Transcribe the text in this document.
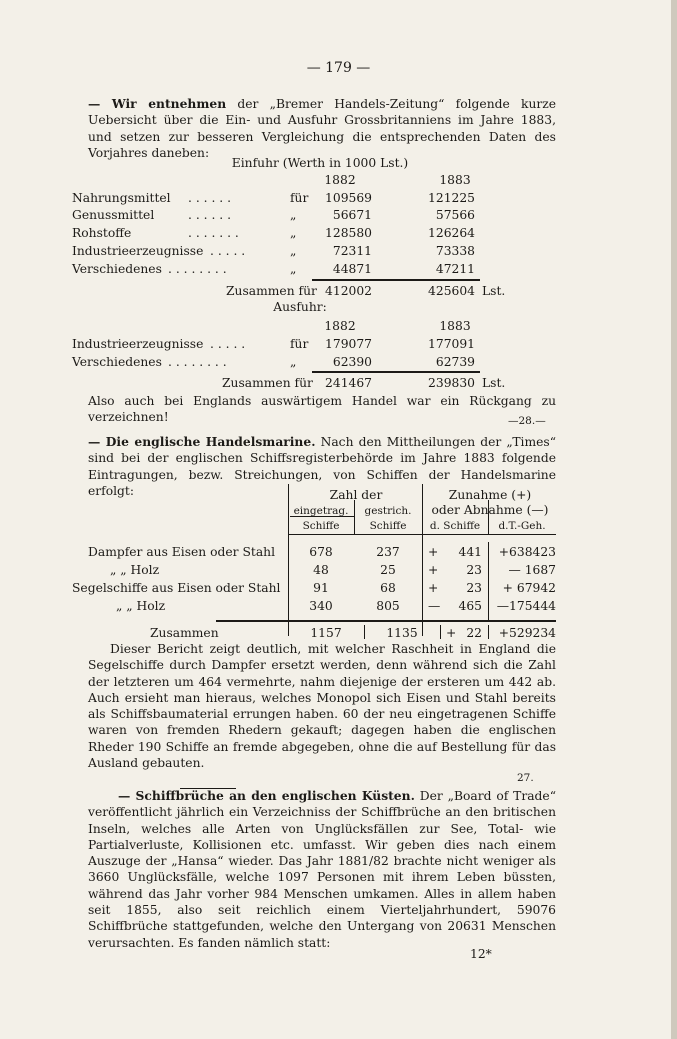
— 179 —
— Wir entnehmen der „Bremer Handels-Zeitung“ folgende kurze Uebersicht über die Ein- und Ausfuhr Grossbritanniens im Jahre 1883, und setzen zur besseren Vergleichung die entsprechenden Daten des Vorjahres daneben:
Einfuhr (Werth in 1000 Lst.)
1882	1883
Nahrungsmittel . . . . . .	für	109569	121225
Genussmittel	. . . . . .	„	56671	57566
Rohstoffe	. . . . . . .	„	128580	126264
Industrieerzeugnisse . . . . .	„	72311	73338
Verschiedenes . . . . . . . .	„	44871	47211
Zusammen für 412002	425604 Lst.
Ausfuhr:
1882	1883
Industrieerzeugnisse . . . . .	für	179077	177091
Verschiedenes . . . . . . . .	„	62390	62739
Zusammen für 241467	239830 Lst.
Also auch bei Englands auswärtigem Handel war ein Rückgang zu verzeichnen!	—28.—
— Die englische Handelsmarine. Nach den Mittheilungen der „Times“ sind bei der englischen Schiffsregisterbehörde im Jahre 1883 folgende Eintragungen, bezw. Streichungen, von Schiffen der Handelsmarine erfolgt:	Zahl der	Zunahme (+)
oder Abnahme (—)
eingetrag.	gestrich.
Schiffe	Schiffe	d. Schiffe	d.T.-Geh.
Dampfer aus Eisen oder Stahl	678	237	+	441	+638423
„ „ Holz	48	25	+	23	— 1687
Segelschiffe aus Eisen oder Stahl	91	68	+	23	+ 67942
„ „ Holz	340	805	—	465	—175444
Zusammen	1157	1135	+ 22	+529234
Dieser Bericht zeigt deutlich, mit welcher Raschheit in England die Segelschiffe durch Dampfer ersetzt werden, denn während sich die Zahl der letzteren um 464 vermehrte, nahm diejenige der ersteren um 442 ab. Auch ersieht man hieraus, welches Monopol sich Eisen und Stahl bereits als Schiffsbaumaterial errungen haben. 60 der neu eingetragenen Schiffe waren von fremden Rhedern gekauft; dagegen haben die englischen Rheder 190 Schiffe an fremde abgegeben, ohne die auf Bestellung für das Ausland gebauten.
27.
— Schiffbrüche an den englischen Küsten. Der „Board of Trade“ veröffentlicht jährlich ein Verzeichniss der Schiffbrüche an den britischen Inseln, welches alle Arten von Unglücksfällen zur See, Total- wie Partialverluste, Kollisionen etc. umfasst. Wir geben dies nach einem Auszuge der „Hansa“ wieder. Das Jahr 1881/82 brachte nicht weniger als 3660 Unglücksfälle, welche 1097 Personen mit ihrem Leben büssten, während das Jahr vorher 984 Menschen umkamen. Alles in allem haben seit 1855, also seit reichlich einem Vierteljahrhundert, 59076 Schiffbrüche stattgefunden, welche den Untergang von 20631 Menschen verursachten. Es fanden nämlich statt:
12*
